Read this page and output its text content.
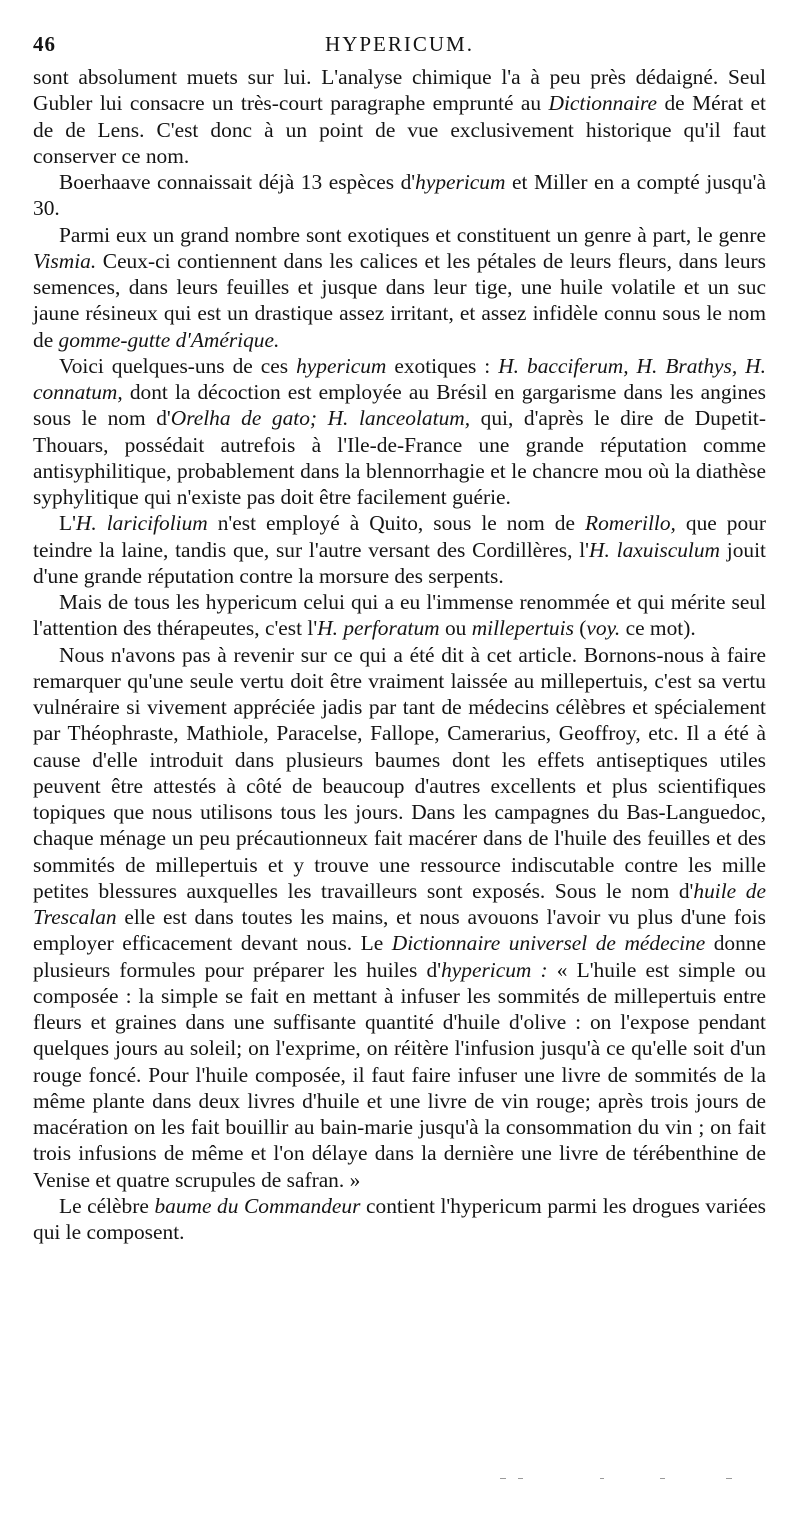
46	HYPERICUM.

sont absolument muets sur lui. L'analyse chimique l'a à peu près dédaigné. Seul Gubler lui consacre un très-court paragraphe emprunté au Dictionnaire de Mérat et de de Lens. C'est donc à un point de vue exclusivement historique qu'il faut conserver ce nom.

Boerhaave connaissait déjà 13 espèces d'hypericum et Miller en a compté jusqu'à 30.

Parmi eux un grand nombre sont exotiques et constituent un genre à part, le genre Vismia. Ceux-ci contiennent dans les calices et les pétales de leurs fleurs, dans leurs semences, dans leurs feuilles et jusque dans leur tige, une huile volatile et un suc jaune résineux qui est un drastique assez irritant, et assez infidèle connu sous le nom de gomme-gutte d'Amérique.

Voici quelques-uns de ces hypericum exotiques : H. bacciferum, H. Brathys, H. connatum, dont la décoction est employée au Brésil en gargarisme dans les angines sous le nom d'Orelha de gato; H. lanceolatum, qui, d'après le dire de Dupetit-Thouars, possédait autrefois à l'Ile-de-France une grande réputation comme antisyphilitique, probablement dans la blennorrhagie et le chancre mou où la diathèse syphylitique qui n'existe pas doit être facilement guérie.

L'H. laricifolium n'est employé à Quito, sous le nom de Romerillo, que pour teindre la laine, tandis que, sur l'autre versant des Cordillères, l'H. laxuisculum jouit d'une grande réputation contre la morsure des serpents.

Mais de tous les hypericum celui qui a eu l'immense renommée et qui mérite seul l'attention des thérapeutes, c'est l'H. perforatum ou millepertuis (voy. ce mot).

Nous n'avons pas à revenir sur ce qui a été dit à cet article. Bornons-nous à faire remarquer qu'une seule vertu doit être vraiment laissée au millepertuis, c'est sa vertu vulnéraire si vivement appréciée jadis par tant de médecins célèbres et spécialement par Théophraste, Mathiole, Paracelse, Fallope, Camerarius, Geoffroy, etc. Il a été à cause d'elle introduit dans plusieurs baumes dont les effets antiseptiques utiles peuvent être attestés à côté de beaucoup d'autres excellents et plus scientifiques topiques que nous utilisons tous les jours. Dans les campagnes du Bas-Languedoc, chaque ménage un peu précautionneux fait macérer dans de l'huile des feuilles et des sommités de millepertuis et y trouve une ressource indiscutable contre les mille petites blessures auxquelles les travailleurs sont exposés. Sous le nom d'huile de Trescalan elle est dans toutes les mains, et nous avouons l'avoir vu plus d'une fois employer efficacement devant nous. Le Dictionnaire universel de médecine donne plusieurs formules pour préparer les huiles d'hypericum : « L'huile est simple ou composée : la simple se fait en mettant à infuser les sommités de millepertuis entre fleurs et graines dans une suffisante quantité d'huile d'olive : on l'expose pendant quelques jours au soleil; on l'exprime, on réitère l'infusion jusqu'à ce qu'elle soit d'un rouge foncé. Pour l'huile composée, il faut faire infuser une livre de sommités de la même plante dans deux livres d'huile et une livre de vin rouge; après trois jours de macération on les fait bouillir au bain-marie jusqu'à la consommation du vin ; on fait trois infusions de même et l'on délaye dans la dernière une livre de térébenthine de Venise et quatre scrupules de safran. »

Le célèbre baume du Commandeur contient l'hypericum parmi les drogues variées qui le composent.
